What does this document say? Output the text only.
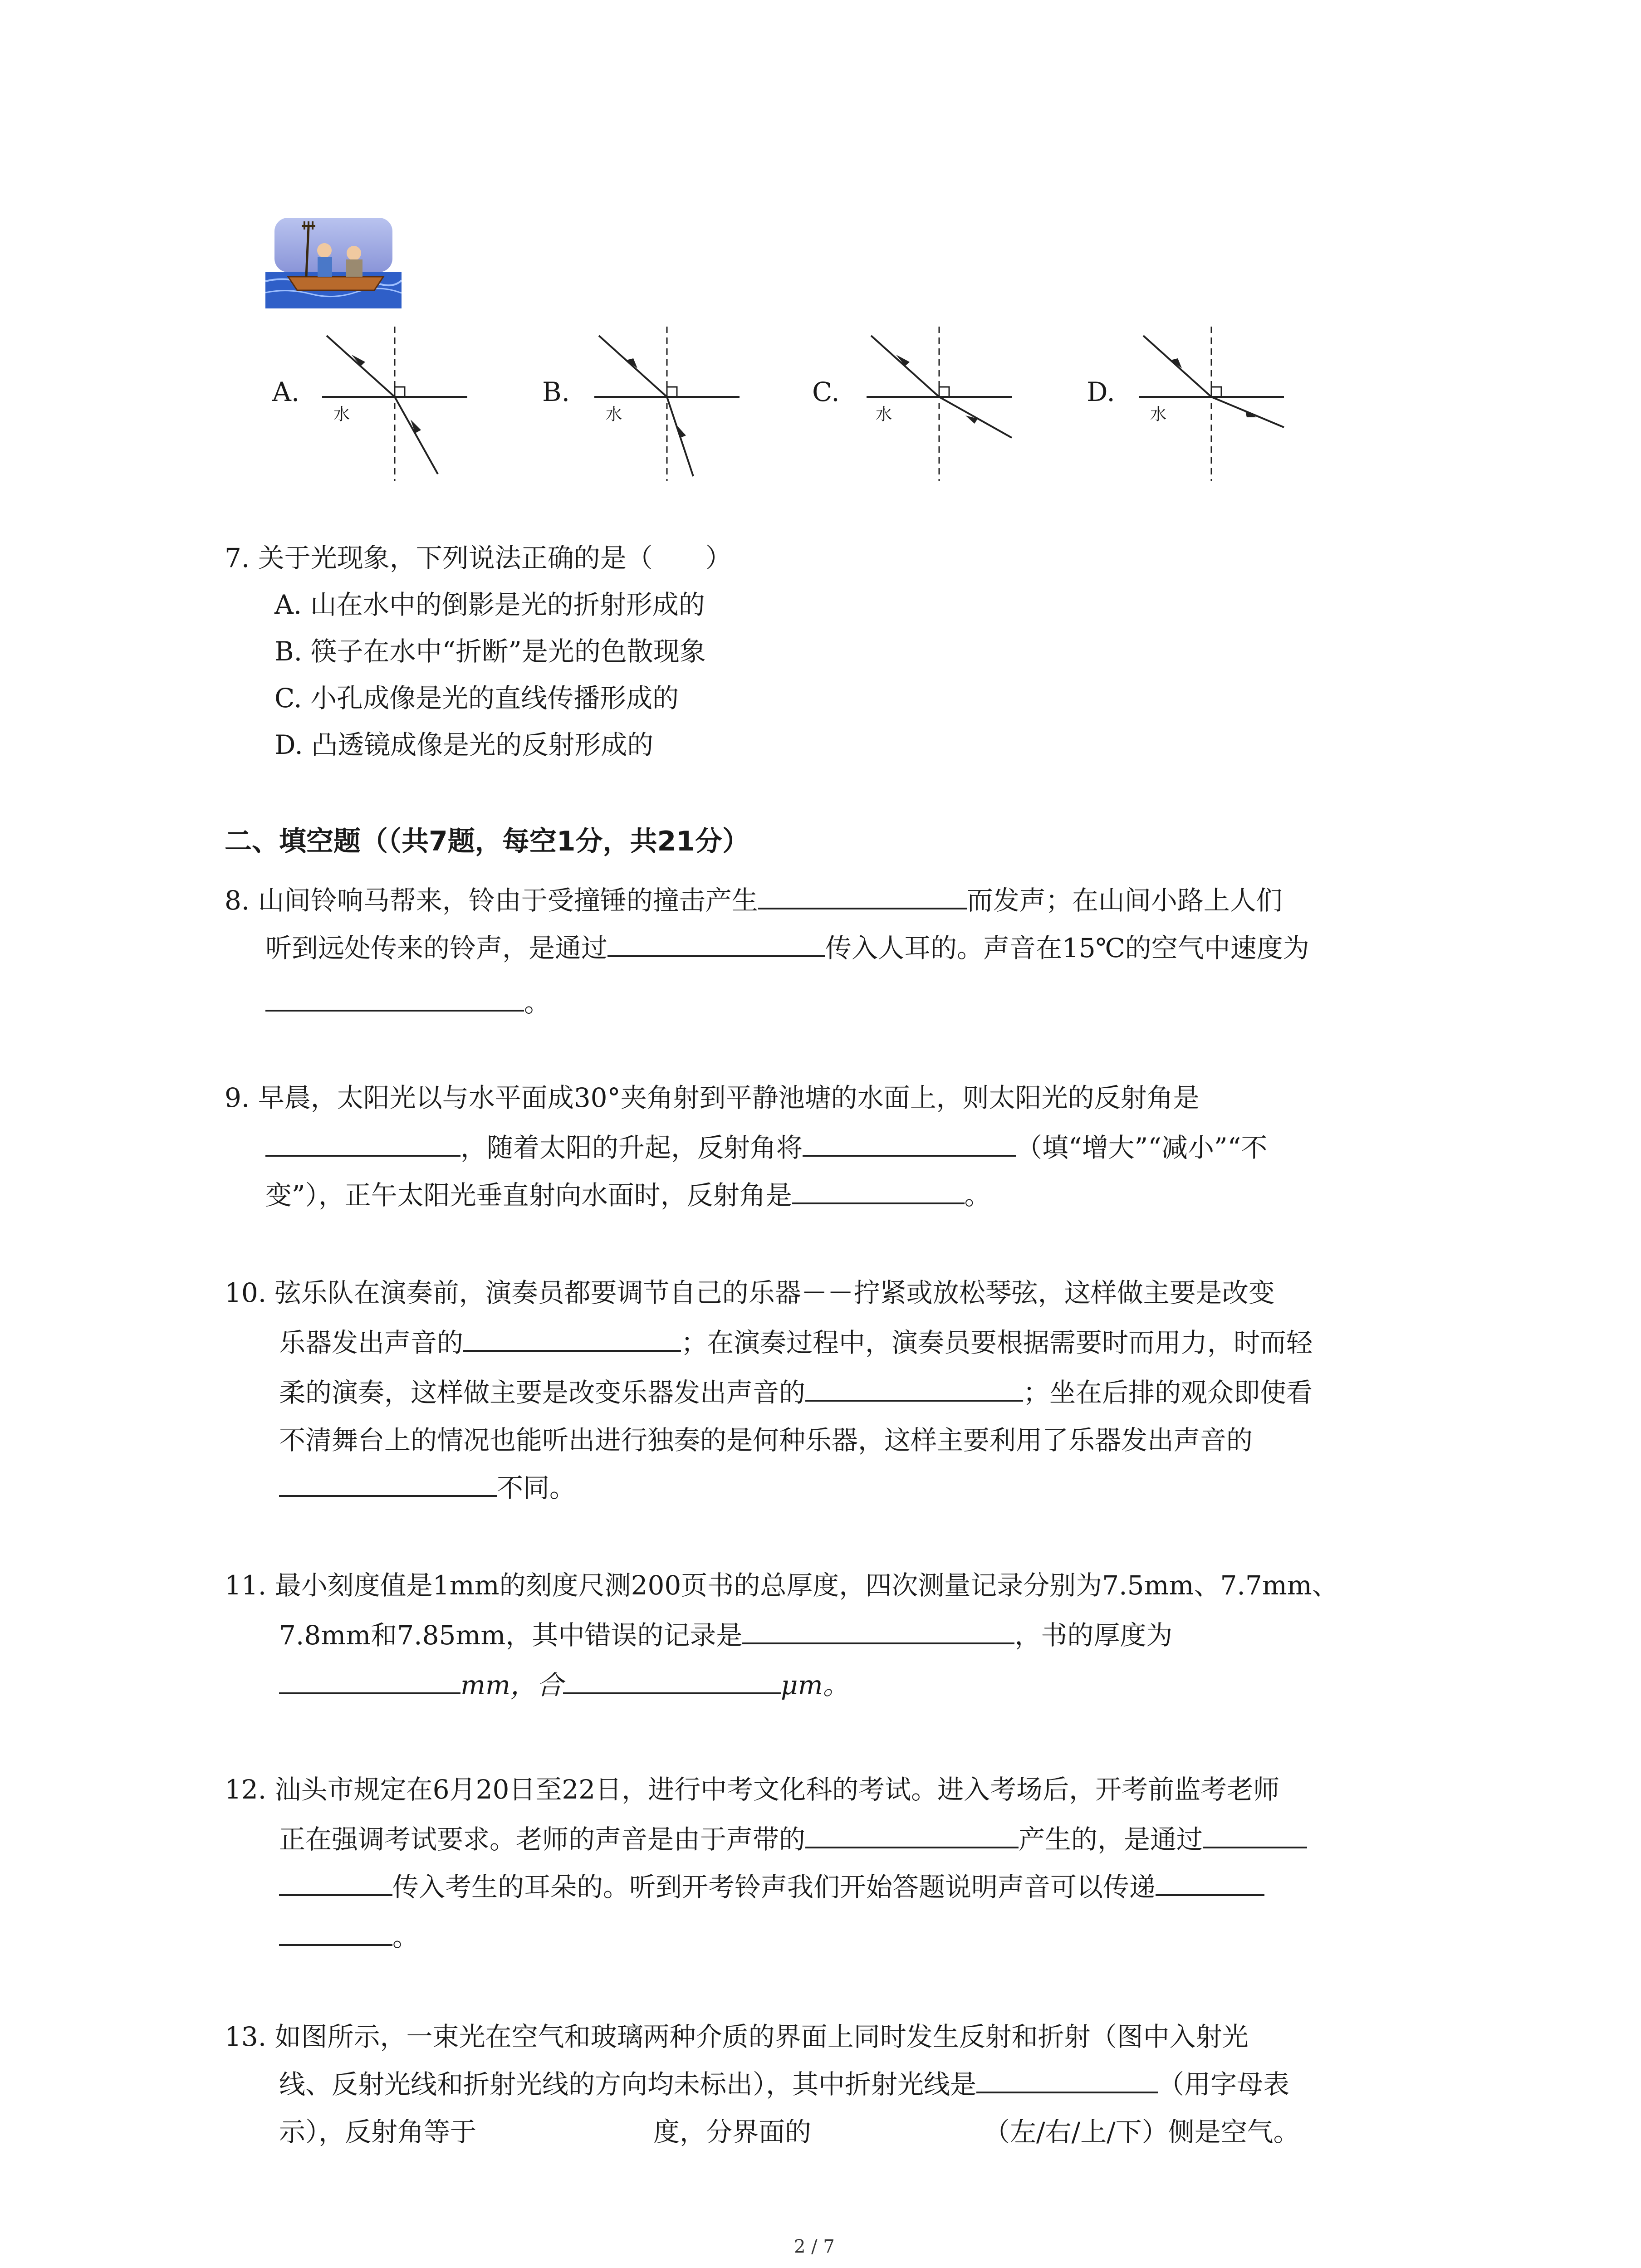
A.
水
B.
水
C.
水
D.
水
7. 关于光现象，下列说法正确的是（　　）
A. 山在水中的倒影是光的折射形成的
B. 筷子在水中“折断”是光的色散现象
C. 小孔成像是光的直线传播形成的
D. 凸透镜成像是光的反射形成的
二、填空题（（共7题，每空1分，共21分）
8. 山间铃响马帮来，铃由于受撞锤的撞击产生	而发声；在山间小路上人们
听到远处传来的铃声，是通过	传入人耳的。声音在15℃的空气中速度为
。
9. 早晨，太阳光以与水平面成30°夹角射到平静池塘的水面上，则太阳光的反射角是
，随着太阳的升起，反射角将	（填“增大”“减小”“不
变”），正午太阳光垂直射向水面时，反射角是	。
10. 弦乐队在演奏前，演奏员都要调节自己的乐器－－拧紧或放松琴弦，这样做主要是改变
乐器发出声音的	；在演奏过程中，演奏员要根据需要时而用力，时而轻
柔的演奏，这样做主要是改变乐器发出声音的	；坐在后排的观众即使看
不清舞台上的情况也能听出进行独奏的是何种乐器，这样主要利用了乐器发出声音的
不同。
11. 最小刻度值是1mm的刻度尺测200页书的总厚度，四次测量记录分别为7.5mm、7.7mm、
7.8mm和7.85mm，其中错误的记录是	，书的厚度为
mm，合	μm。
12. 汕头市规定在6月20日至22日，进行中考文化科的考试。进入考场后，开考前监考老师
正在强调考试要求。老师的声音是由于声带的	产生的，是通过
传入考生的耳朵的。听到开考铃声我们开始答题说明声音可以传递
。
13. 如图所示，一束光在空气和玻璃两种介质的界面上同时发生反射和折射（图中入射光
线、反射光线和折射光线的方向均未标出），其中折射光线是	（用字母表
示），反射角等于	度，分界面的	（左/右/上/下）侧是空气。
2 / 7
